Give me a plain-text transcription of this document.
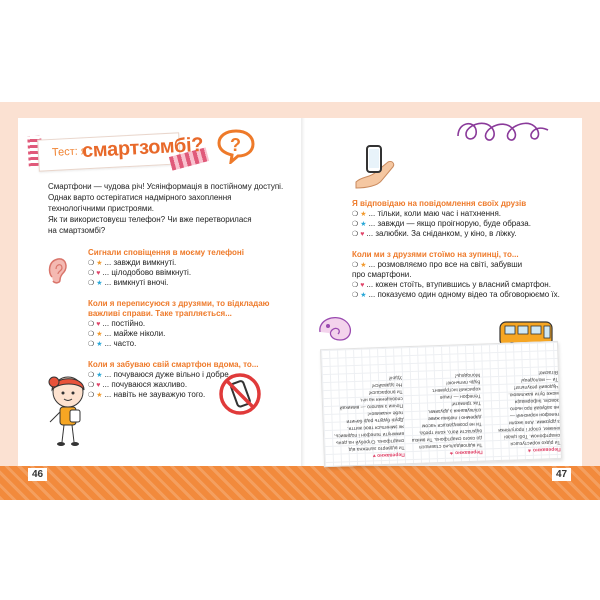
46	47
Тест: я
смартзомбі? ?
Смартфони — чудова річ! Усяінформація в постійному доступі.
Однак варто остерігатися надмірного захоплення
технологічними пристроями.
Як ти використовуєш телефон? Чи вже перетворилася
на смартзомбі?
Сигнали сповіщення в моєму телефоні
❍ ★ ... завжди вимкнуті.
❍ ♥ ... цілодобово ввімкнуті.
❍ ★ ... вимкнуті вночі.
Коли я переписуюся з друзями, то відкладаю
важливі справи. Таке трапляється...
❍ ♥ ... постійно.
❍ ★ ... майже ніколи.
❍ ★ ... часто.
Коли я забуваю свій смартфон вдома, то...
❍ ★ ... почуваюся дуже вільно і добре.
❍ ♥ ... почуваюся жахливо.
❍ ★ ... навіть не зауважую того.
Я відповідаю на повідомлення своїх друзів
❍ ★ ... тільки, коли маю час і натхнення.
❍ ★ ... завжди — якщо проігнорую, буде образа.
❍ ♥ ... залюбки. За сніданком, у кіно, в ліжку.
Коли ми з друзями стоїмо на зупинці, то...
❍ ★ ... розмовляємо про все на світі, забувши
про смартфони.
❍ ♥ ... кожен стоїть, втупившись у власний смартфон.
❍ ★ ... показуємо один одному відео та обговорюємо їх.
Переважно ♥
Ти відверто залежна від
смартфона. Спробуй на день
вимкнути телефон і подивись,
як зміниться твоє життя.
Друзі будуть раді бачити
тебе «наживо»!
Почни з малого — вимикай
сповіщення на ніч.
Ти впораєшся!
Не здавайся!
Удачі!
Переважно ★
Ти відповідально ставишся
до свого смартфона. Ти вмієш
відкласти його, коли треба.
Ти не розкидаєшся часом
даремно і любиш живе
спілкування з друзями.
Так тримати!
Телефон — лише
корисний інструмент.
Будь пильною!
Молодець!
Переважно ★
Ти рідко користуєшся
смартфоном. Тобі цікаві
книжки, спорт і прогулянки
з друзями. Але інколи
телефон корисний —
не забувай про нього
зовсім. Інформація
може бути важливою.
Чудовий результат!
Ти — молодець!
Вітаємо!
